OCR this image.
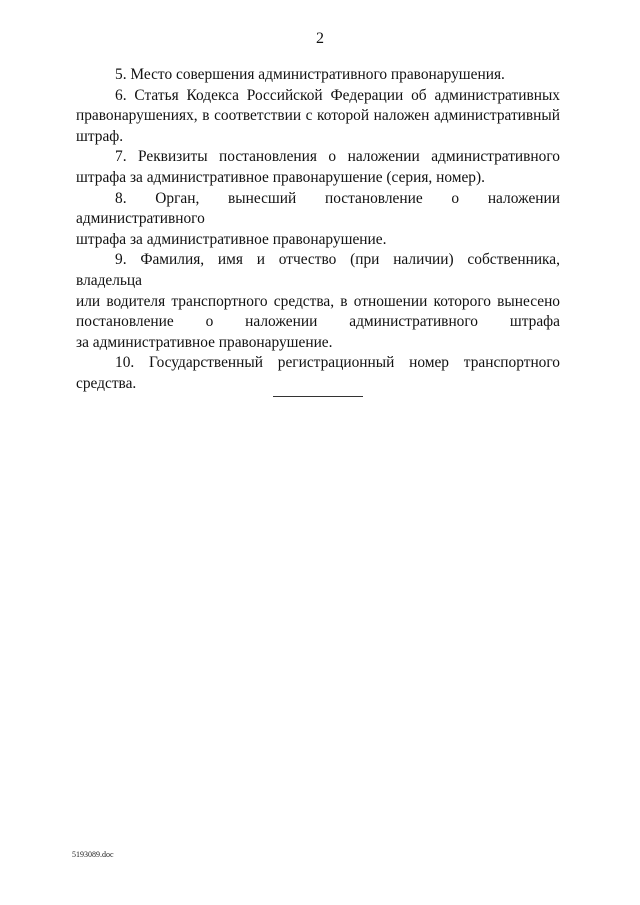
2

5. Место совершения административного правонарушения.

6. Статья Кодекса Российской Федерации об административных
правонарушениях, в соответствии с которой наложен административный
штраф.

7. Реквизиты постановления о наложении административного
штрафа за административное правонарушение (серия, номер).

8. Орган, вынесший постановление о наложении административного
штрафа за административное правонарушение.

9. Фамилия, имя и отчество (при наличии) собственника, владельца
или водителя транспортного средства, в отношении которого вынесено
постановление о наложении административного штрафа
за административное правонарушение.

10. Государственный регистрационный номер транспортного
средства.

5193089.doc
